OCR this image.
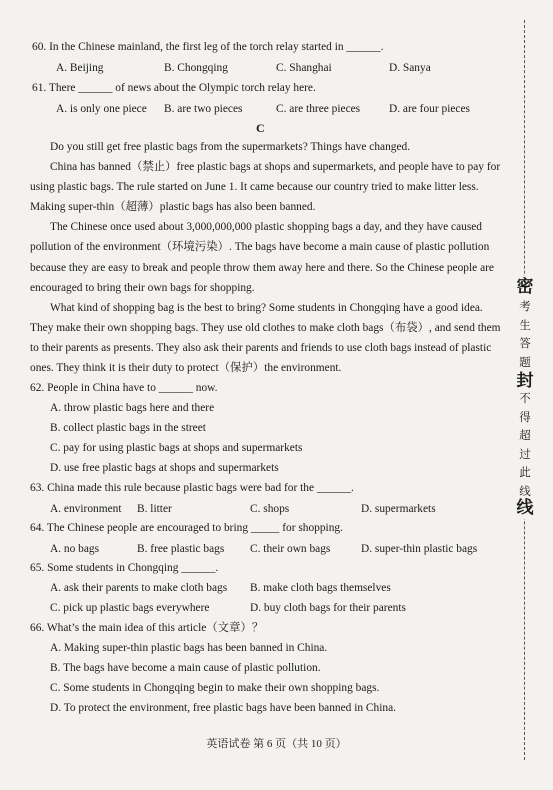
60. In the Chinese mainland, the first leg of the torch relay started in ______.
A. Beijing	B. Chongqing	C. Shanghai	D. Sanya
61. There ______ of news about the Olympic torch relay here.
A. is only one piece B. are two pieces	C. are three pieces	D. are four pieces
C
Do you still get free plastic bags from the supermarkets? Things have changed.
China has banned（禁止）free plastic bags at shops and supermarkets, and people have to pay for
using plastic bags. The rule started on June 1. It came because our country tried to make litter less.
Making super-thin（超薄）plastic bags has also been banned.
The Chinese once used about 3,000,000,000 plastic shopping bags a day, and they have caused
pollution of the environment（环境污染）. The bags have become a main cause of plastic pollution
because they are easy to break and people throw them away here and there. So the Chinese people are
encouraged to bring their own bags for shopping.
What kind of shopping bag is the best to bring? Some students in Chongqing have a good idea.
They make their own shopping bags. They use old clothes to make cloth bags（布袋）, and send them
to their parents as presents. They also ask their parents and friends to use cloth bags instead of plastic
ones. They think it is their duty to protect（保护）the environment.
62. People in China have to ______ now.
A. throw plastic bags here and there
B. collect plastic bags in the street
C. pay for using plastic bags at shops and supermarkets
D. use free plastic bags at shops and supermarkets
63. China made this rule because plastic bags were bad for the ______.
A. environment B. litter	C. shops	D. supermarkets
64. The Chinese people are encouraged to bring _____ for shopping.
A. no bags	B. free plastic bags C. their own bags	D. super-thin plastic bags
65. Some students in Chongqing ______.
A. ask their parents to make cloth bags B. make cloth bags themselves
C. pick up plastic bags everywhere	D. buy cloth bags for their parents
66. What’s the main idea of this article（文章）？
A. Making super-thin plastic bags has been banned in China.
B. The bags have become a main cause of plastic pollution.
C. Some students in Chongqing begin to make their own shopping bags.
D. To protect the environment, free plastic bags have been banned in China.
英语试卷 第 6 页（共 10 页）
密
考
生
答
题
不
得
超
过
此
线
封
线
